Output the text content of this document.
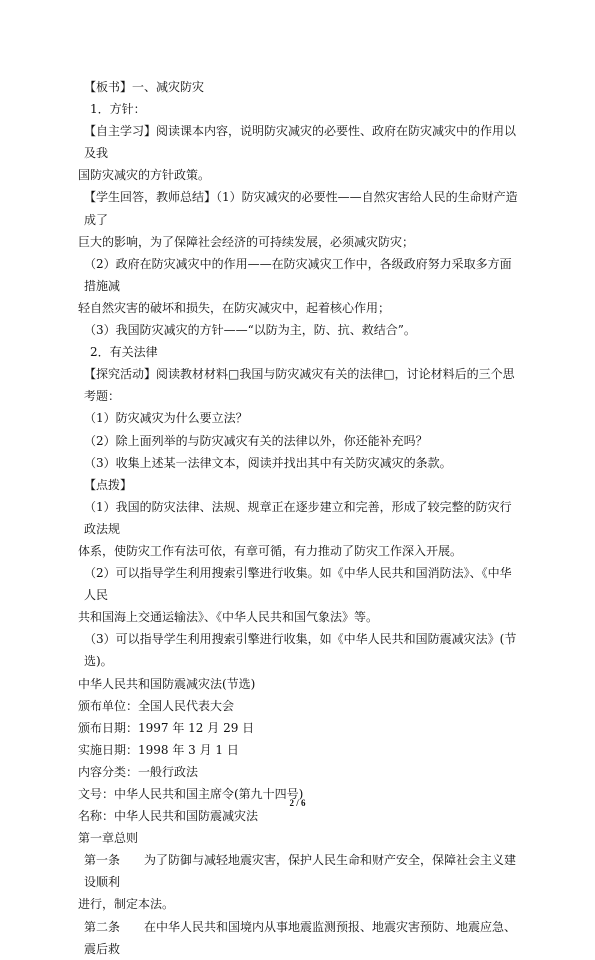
【板书】一、减灾防灾

1．方针：

【自主学习】阅读课本内容，说明防灾减灾的必要性、政府在防灾减灾中的作用以及我

国防灾减灾的方针政策。

【学生回答，教师总结】（1）防灾减灾的必要性——自然灾害给人民的生命财产造成了

巨大的影响，为了保障社会经济的可持续发展，必须减灾防灾；

（2）政府在防灾减灾中的作用——在防灾减灾工作中，各级政府努力采取多方面措施减

轻自然灾害的破坏和损失，在防灾减灾中，起着核心作用；

（3）我国防灾减灾的方针——“以防为主，防、抗、救结合”。

2．有关法律

【探究活动】阅读教材材料□我国与防灾减灾有关的法律□，讨论材料后的三个思考题：

（1）防灾减灾为什么要立法？

（2）除上面列举的与防灾减灾有关的法律以外，你还能补充吗？

（3）收集上述某一法律文本，阅读并找出其中有关防灾减灾的条款。

【点拨】

（1）我国的防灾法律、法规、规章正在逐步建立和完善，形成了较完整的防灾行政法规

体系，使防灾工作有法可依，有章可循，有力推动了防灾工作深入开展。

（2）可以指导学生利用搜索引擎进行收集。如《中华人民共和国消防法》、《中华人民

共和国海上交通运输法》、《中华人民共和国气象法》等。

（3）可以指导学生利用搜索引擎进行收集，如《中华人民共和国防震减灾法》(节选)。

中华人民共和国防震减灾法(节选)

颁布单位：全国人民代表大会

颁布日期：1997 年 12 月 29 日

实施日期：1998 年 3 月 1 日

内容分类：一般行政法

文号：中华人民共和国主席令(第九十四号)

名称：中华人民共和国防震减灾法

第一章总则

第一条　　为了防御与减轻地震灾害，保护人民生命和财产安全，保障社会主义建设顺利

进行，制定本法。

第二条　　在中华人民共和国境内从事地震监测预报、地震灾害预防、地震应急、震后救

2 / 6
